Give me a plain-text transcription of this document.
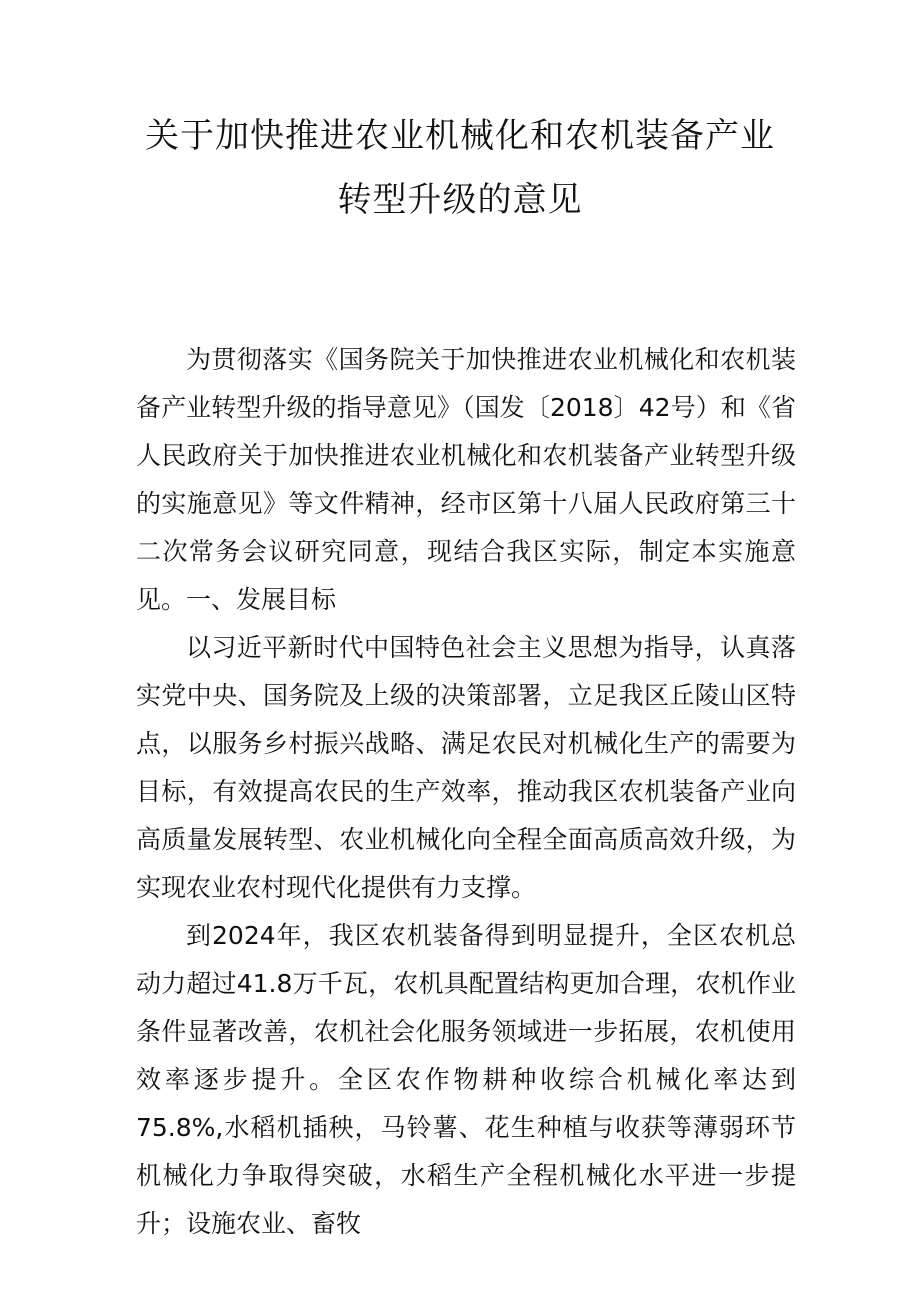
关于加快推进农业机械化和农机装备产业
转型升级的意见

为贯彻落实《国务院关于加快推进农业机械化和农机装备产业转型升级的指导意见》（国发〔2018〕42号）和《省人民政府关于加快推进农业机械化和农机装备产业转型升级的实施意见》等文件精神，经市区第十八届人民政府第三十二次常务会议研究同意，现结合我区实际，制定本实施意见。 一、发展目标

以习近平新时代中国特色社会主义思想为指导，认真落实党中央、国务院及上级的决策部署，立足我区丘陵山区特点，以服务乡村振兴战略、满足农民对机械化生产的需要为目标，有效提高农民的生产效率，推动我区农机装备产业向高质量发展转型、农业机械化向全程全面高质高效升级，为实现农业农村现代化提供有力支撑。

到2024年，我区农机装备得到明显提升，全区农机总动力超过41.8万千瓦，农机具配置结构更加合理，农机作业条件显著改善，农机社会化服务领域进一步拓展，农机使用效率逐步提升。全区农作物耕种收综合机械化率达到75.8%,水稻机插秧，马铃薯、花生种植与收获等薄弱环节机械化力争取得突破，水稻生产全程机械化水平进一步提升；设施农业、畜牧
